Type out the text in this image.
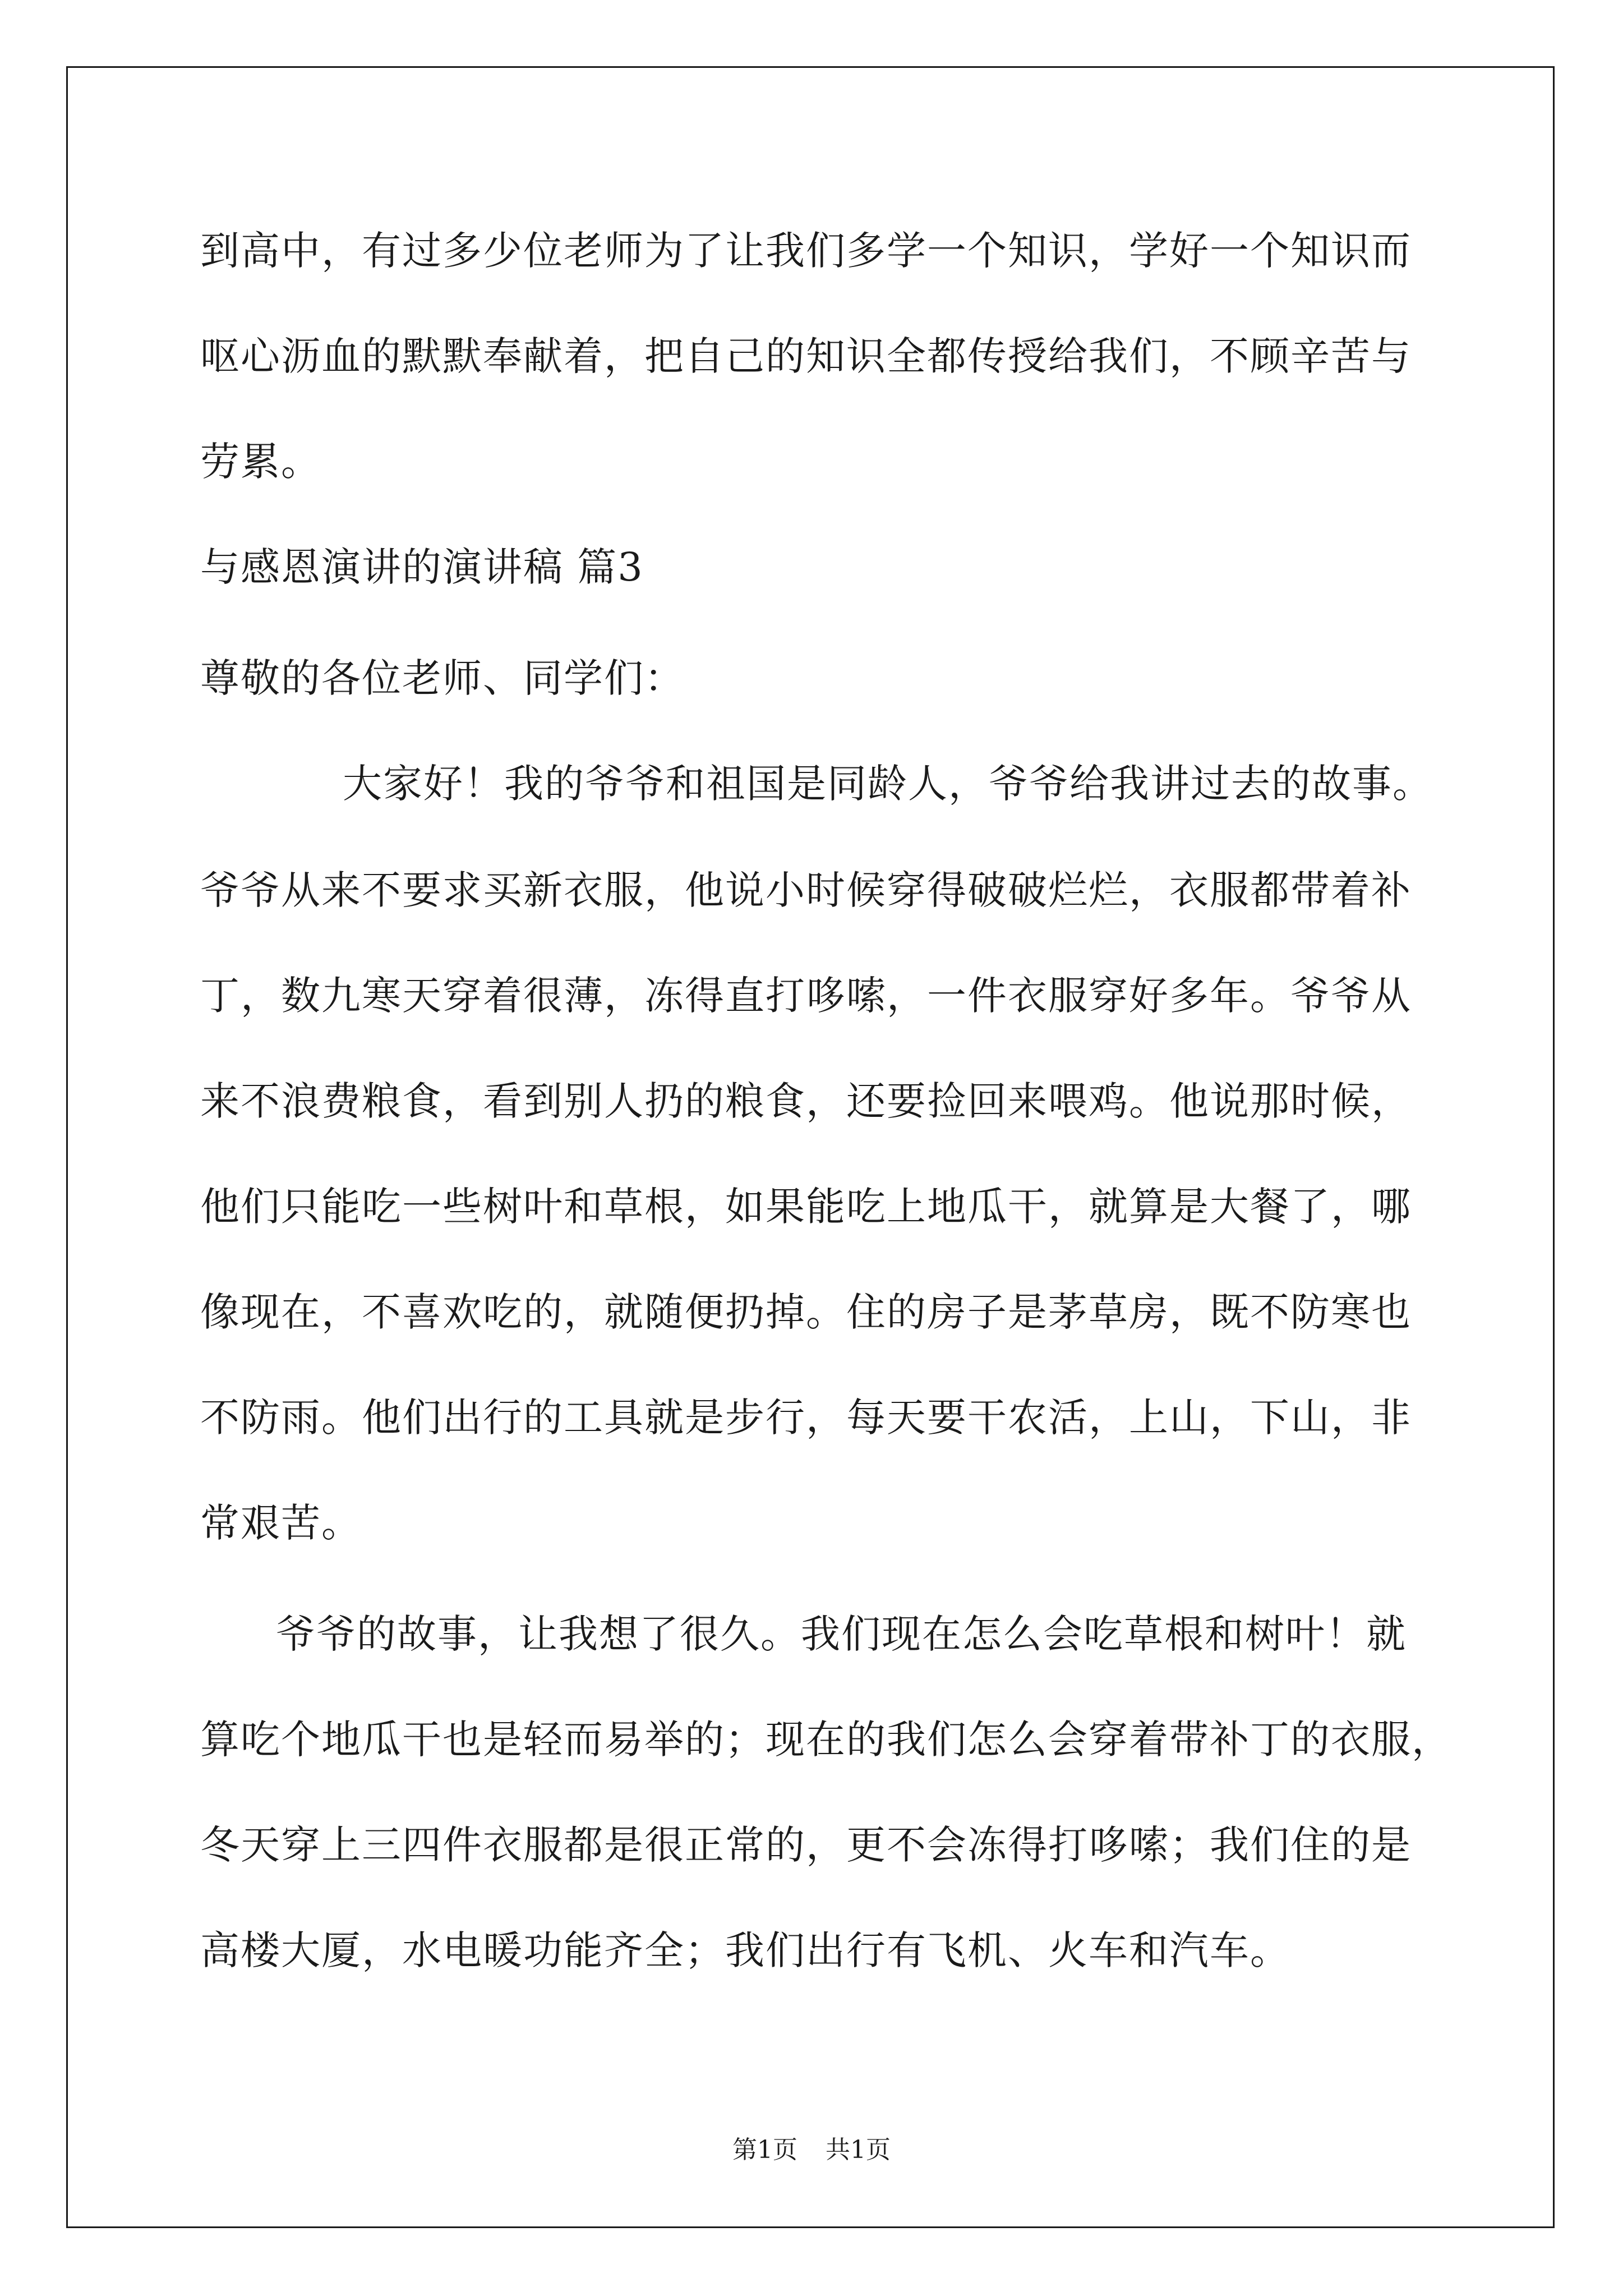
到高中，有过多少位老师为了让我们多学一个知识，学好一个知识而
呕心沥血的默默奉献着，把自己的知识全都传授给我们，不顾辛苦与
劳累。
与感恩演讲的演讲稿 篇3
尊敬的各位老师、同学们：
大家好！我的爷爷和祖国是同龄人，爷爷给我讲过去的故事。
爷爷从来不要求买新衣服，他说小时候穿得破破烂烂，衣服都带着补
丁，数九寒天穿着很薄，冻得直打哆嗦，一件衣服穿好多年。爷爷从
来不浪费粮食，看到别人扔的粮食，还要捡回来喂鸡。他说那时候，
他们只能吃一些树叶和草根，如果能吃上地瓜干，就算是大餐了，哪
像现在，不喜欢吃的，就随便扔掉。住的房子是茅草房，既不防寒也
不防雨。他们出行的工具就是步行，每天要干农活，上山，下山，非
常艰苦。
爷爷的故事，让我想了很久。我们现在怎么会吃草根和树叶！就
算吃个地瓜干也是轻而易举的；现在的我们怎么会穿着带补丁的衣服，
冬天穿上三四件衣服都是很正常的，更不会冻得打哆嗦；我们住的是
高楼大厦，水电暖功能齐全；我们出行有飞机、火车和汽车。
第1页 共1页
